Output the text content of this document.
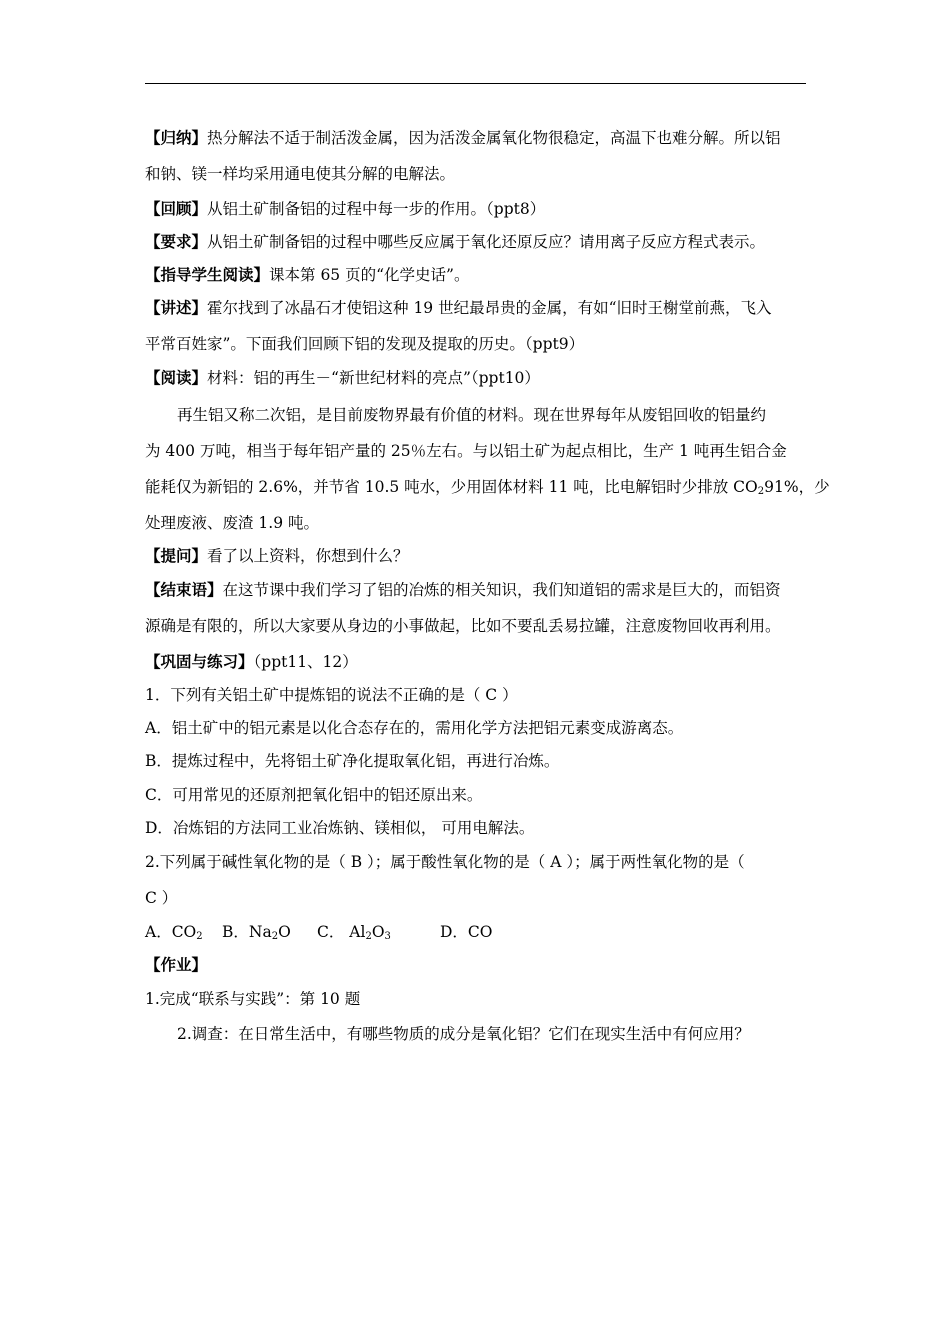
【归纳】热分解法不适于制活泼金属，因为活泼金属氧化物很稳定，高温下也难分解。所以铝
和钠、镁一样均采用通电使其分解的电解法。
【回顾】从铝土矿制备铝的过程中每一步的作用。（ppt8）
【要求】从铝土矿制备铝的过程中哪些反应属于氧化还原反应？请用离子反应方程式表示。
【指导学生阅读】课本第 65 页的“化学史话”。
【讲述】霍尔找到了冰晶石才使铝这种 19 世纪最昂贵的金属，有如“旧时王榭堂前燕，飞入
平常百姓家”。下面我们回顾下铝的发现及提取的历史。（ppt9）
【阅读】材料：铝的再生－“新世纪材料的亮点”（ppt10）
再生铝又称二次铝，是目前废物界最有价值的材料。现在世界每年从废铝回收的铝量约
为 400 万吨，相当于每年铝产量的 25％左右。与以铝土矿为起点相比，生产 1 吨再生铝合金
能耗仅为新铝的 2.6%，并节省 10.5 吨水，少用固体材料 11 吨，比电解铝时少排放 $CO_291\%$，少
处理废液、废渣 1.9 吨。
【提问】看了以上资料，你想到什么？
【结束语】在这节课中我们学习了铝的冶炼的相关知识，我们知道铝的需求是巨大的，而铝资
源确是有限的，所以大家要从身边的小事做起，比如不要乱丢易拉罐，注意废物回收再利用。
【巩固与练习】（ppt11、12）
1．下列有关铝土矿中提炼铝的说法不正确的是（ C ）
A．铝土矿中的铝元素是以化合态存在的，需用化学方法把铝元素变成游离态。
B．提炼过程中，先将铝土矿净化提取氧化铝，再进行冶炼。
C．可用常见的还原剂把氧化铝中的铝还原出来。
D．冶炼铝的方法同工业冶炼钠、镁相似， 可用电解法。
2.下列属于碱性氧化物的是（ B ）；属于酸性氧化物的是（ A ）；属于两性氧化物的是（
C ）
A．$CO_2$ B．$Na_2O$ C． $Al_2O_3$	D．CO
【作业】
1.完成“联系与实践”：第 10 题
2.调查：在日常生活中，有哪些物质的成分是氧化铝？它们在现实生活中有何应用？
